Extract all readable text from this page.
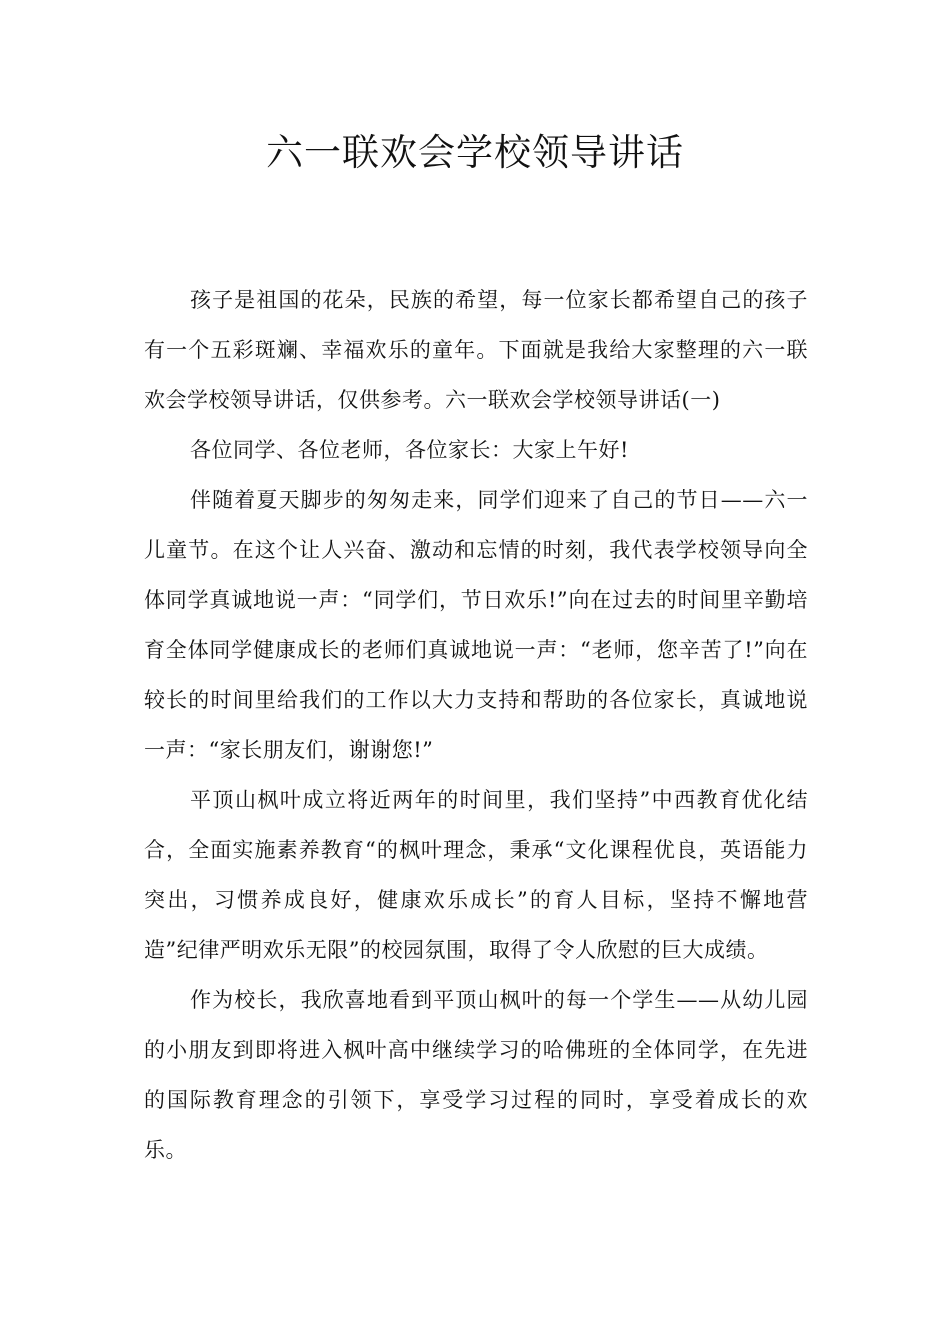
六一联欢会学校领导讲话

孩子是祖国的花朵，民族的希望，每一位家长都希望自己的孩子有一个五彩斑斓、幸福欢乐的童年。下面就是我给大家整理的六一联欢会学校领导讲话，仅供参考。六一联欢会学校领导讲话(一)

各位同学、各位老师，各位家长：大家上午好!

伴随着夏天脚步的匆匆走来，同学们迎来了自己的节日——六一儿童节。在这个让人兴奋、激动和忘情的时刻，我代表学校领导向全体同学真诚地说一声：“同学们，节日欢乐!”向在过去的时间里辛勤培育全体同学健康成长的老师们真诚地说一声：“老师，您辛苦了!”向在较长的时间里给我们的工作以大力支持和帮助的各位家长，真诚地说一声：“家长朋友们，谢谢您!”

平顶山枫叶成立将近两年的时间里，我们坚持”中西教育优化结合，全面实施素养教育“的枫叶理念，秉承“文化课程优良，英语能力突出，习惯养成良好，健康欢乐成长”的育人目标，坚持不懈地营造”纪律严明欢乐无限”的校园氛围，取得了令人欣慰的巨大成绩。

作为校长，我欣喜地看到平顶山枫叶的每一个学生——从幼儿园的小朋友到即将进入枫叶高中继续学习的哈佛班的全体同学，在先进的国际教育理念的引领下，享受学习过程的同时，享受着成长的欢乐。
